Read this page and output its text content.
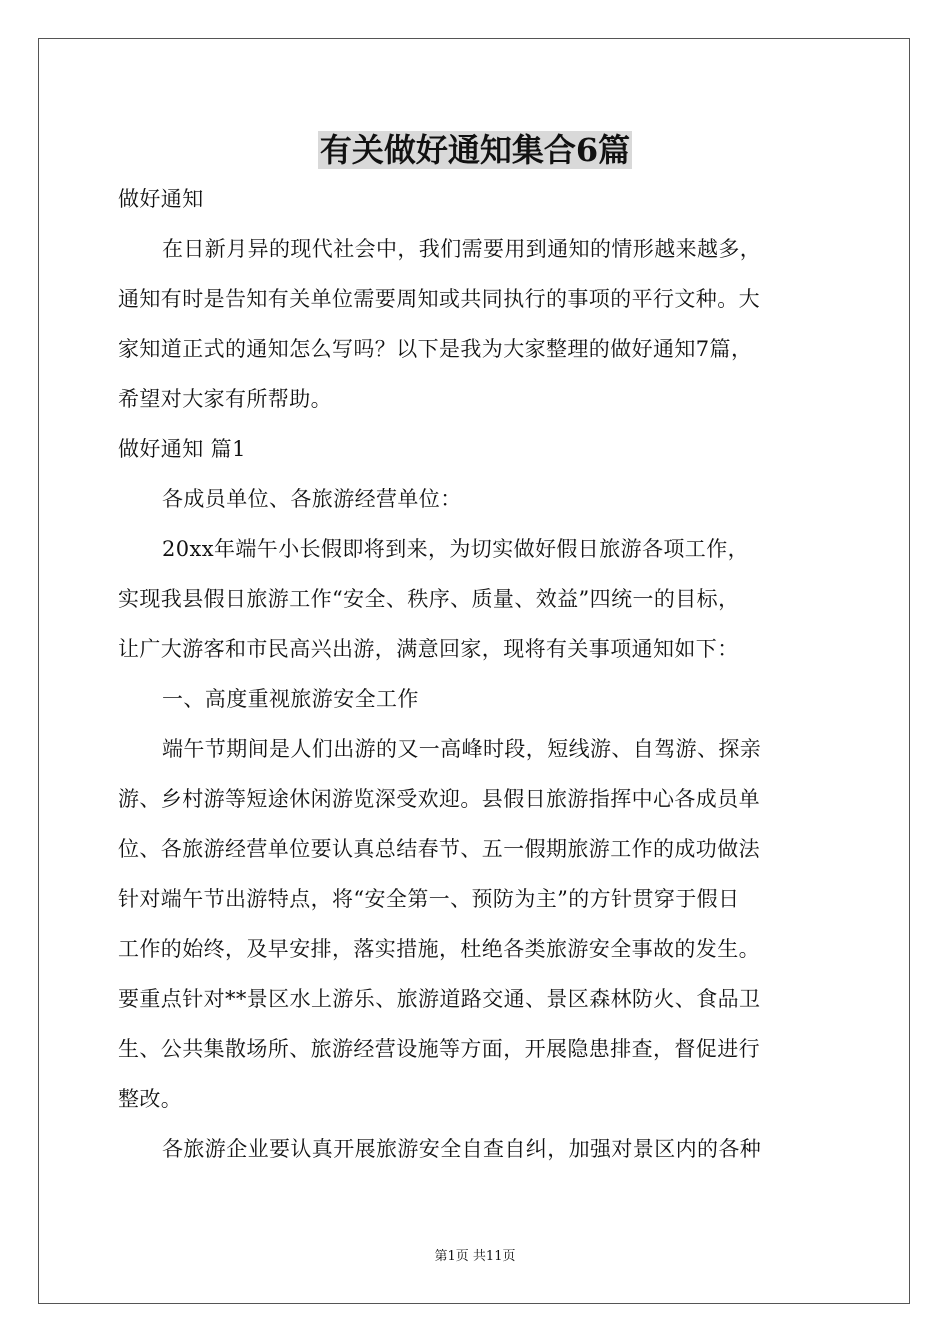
有关做好通知集合6篇
做好通知
在日新月异的现代社会中，我们需要用到通知的情形越来越多，
通知有时是告知有关单位需要周知或共同执行的事项的平行文种。大
家知道正式的通知怎么写吗？以下是我为大家整理的做好通知7篇，
希望对大家有所帮助。
做好通知 篇1
各成员单位、各旅游经营单位：
20xx年端午小长假即将到来，为切实做好假日旅游各项工作，
实现我县假日旅游工作“安全、秩序、质量、效益”四统一的目标，
让广大游客和市民高兴出游，满意回家，现将有关事项通知如下：
一、高度重视旅游安全工作
端午节期间是人们出游的又一高峰时段，短线游、自驾游、探亲
游、乡村游等短途休闲游览深受欢迎。县假日旅游指挥中心各成员单
位、各旅游经营单位要认真总结春节、五一假期旅游工作的成功做法
针对端午节出游特点，将“安全第一、预防为主”的方针贯穿于假日
工作的始终，及早安排，落实措施，杜绝各类旅游安全事故的发生。
要重点针对**景区水上游乐、旅游道路交通、景区森林防火、食品卫
生、公共集散场所、旅游经营设施等方面，开展隐患排查，督促进行
整改。
各旅游企业要认真开展旅游安全自查自纠，加强对景区内的各种
第1页 共11页
